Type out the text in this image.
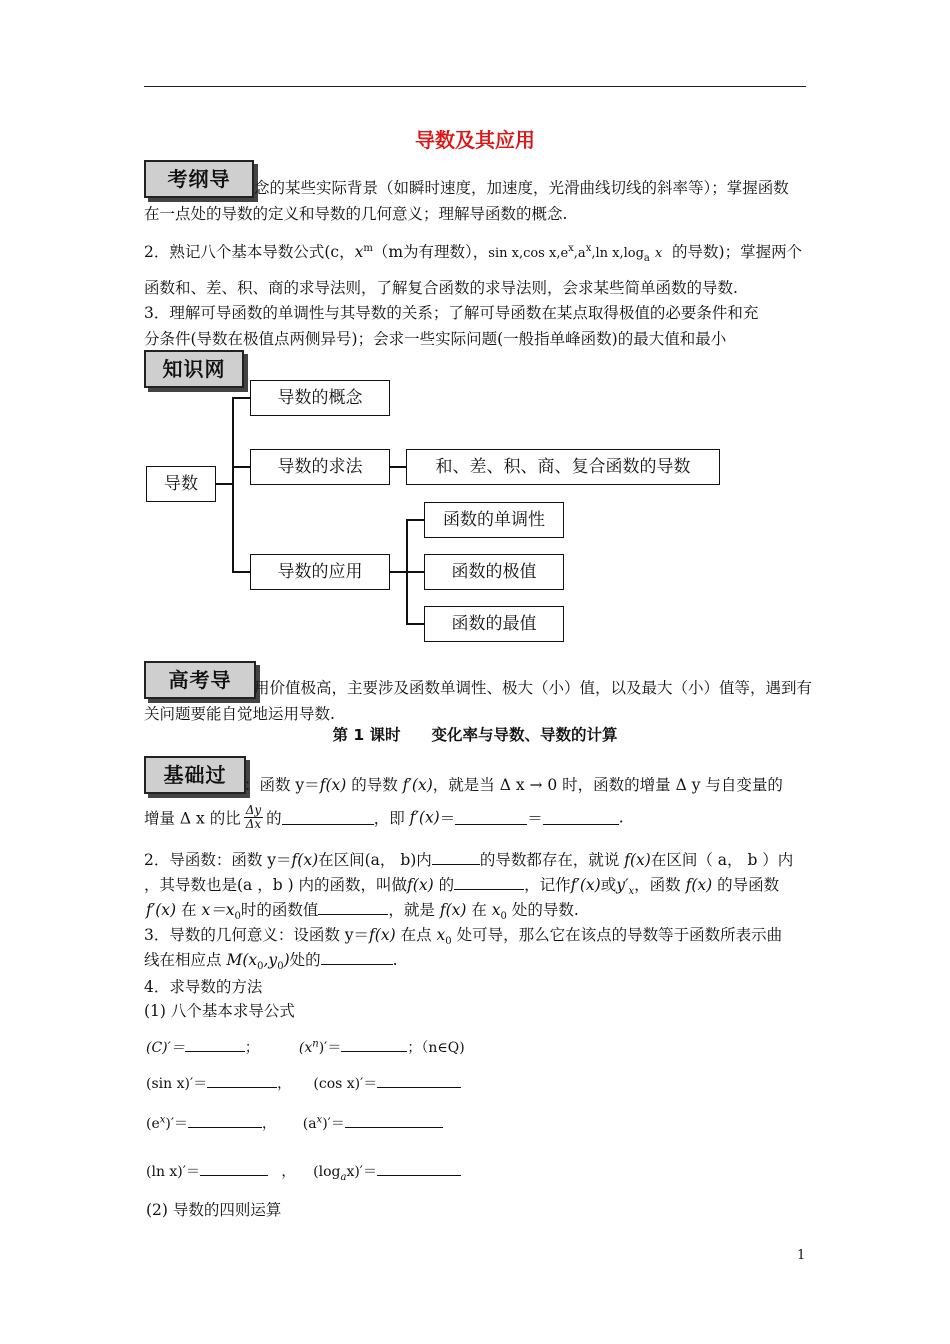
导数及其应用
考纲导	念的某些实际背景（如瞬时速度，加速度，光滑曲线切线的斜率等）；掌握函数
在一点处的导数的定义和导数的几何意义；理解导函数的概念.
2．熟记八个基本导数公式(c，$x^m(m$为有理数），sin x,cos $x,e^x,a^x,\ln$ $x,\log_a$ x 的导数)；掌握两个
函数和、差、积、商的求导法则，了解复合函数的求导法则，会求某些简单函数的导数.
3．理解可导函数的单调性与其导数的关系；了解可导函数在某点取得极值的必要条件和充
分条件(导数在极值点两侧异号)；会求一些实际问题(一般指单峰函数)的最大值和最小
知识网
导数
导数的概念
导数的求法	和、差、积、商、复合函数的导数
导数的应用
函数的单调性
函数的极值
函数的最值
高考导	用价值极高，主要涉及函数单调性、极大（小）值，以及最大（小）值等，遇到有
关问题要能自觉地运用导数.
第 1 课时　　变化率与导数、导数的计算
基础过	：函数 y＝f(x) 的导数 f′(x)，就是当 Δ x → 0 时，函数的增量 Δ y 与自变量的
增量 Δ x 的比 $\frac{\Delta y}{\Delta x}$ 的	，即 f′(x)＝	＝	.
2．导函数：函数 y＝f(x)在区间(a， b)内	的导数都存在，就说 f(x)在区间（ a， b ）内
，其导数也是(a ，b ) 内的函数，叫做f(x) 的	，记作f′(x)或$y'_x$，函数 f(x) 的导函数
f′(x) 在 $x=x_0$时的函数值	，就是 f(x) 在 $x_0$ 处的导数.
3．导数的几何意义：设函数 y＝f(x) 在点 $x_0$ 处可导，那么它在该点的导数等于函数所表示曲
线在相应点 $M(x_0,y_0)$处的	.
4．求导数的方法
(1) 八个基本求导公式
(C)′＝	；	$(x^n)'=$	；（n∈Q)
(sin x)′＝	， (cos x)′＝
$(e^x)'=$	， $(a^x)'=$
(ln x)′＝	， $(\log_ax)'=$
(2) 导数的四则运算
1
